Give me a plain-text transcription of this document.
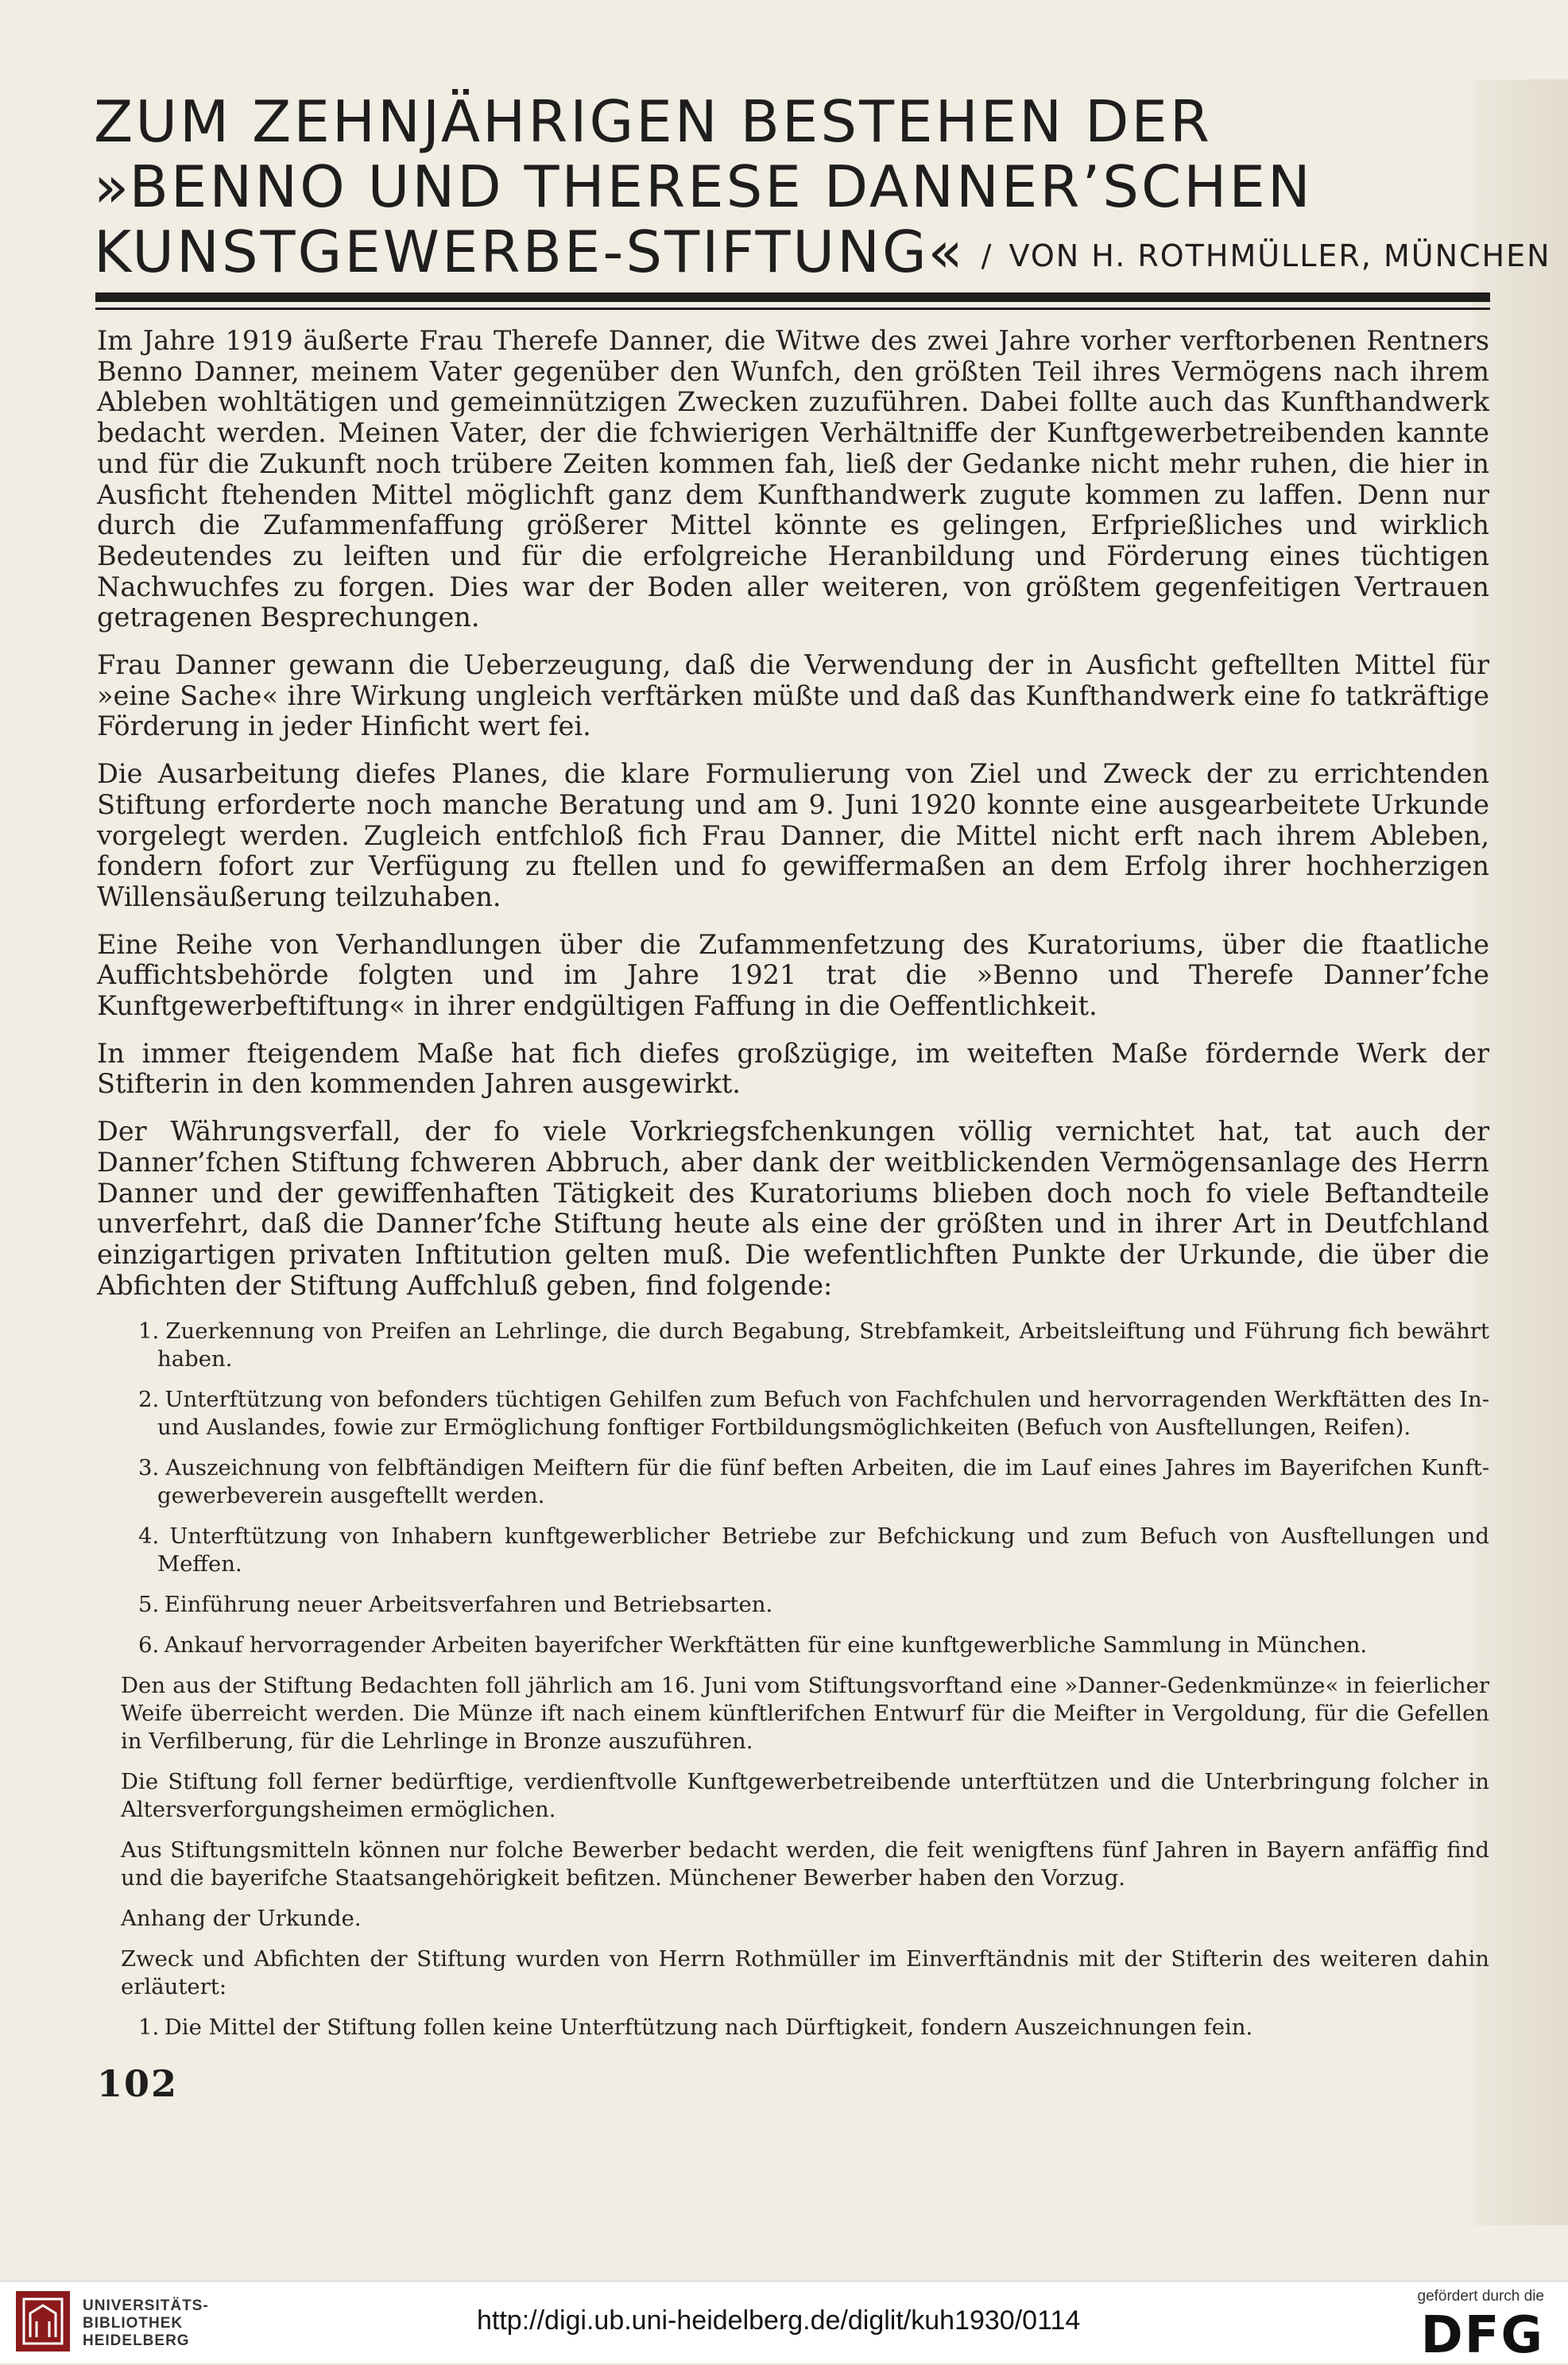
ZUM ZEHNJÄHRIGEN BESTEHEN DER
»BENNO UND THERESE DANNER’SCHEN
KUNSTGEWERBE-STIFTUNG« / VON H. ROTHMÜLLER, MÜNCHEN

Im Jahre 1919 äußerte Frau Therefe Danner, die Witwe des zwei Jahre vorher verftorbenen Rentners Benno Danner, meinem Vater gegenüber den Wunfch, den größten Teil ihres Vermögens nach ihrem Ableben wohltätigen und gemeinnützigen Zwecken zuzuführen. Dabei follte auch das Kunfthandwerk bedacht werden. Meinen Vater, der die fchwierigen Verhältniffe der Kunftgewerbetreibenden kannte und für die Zukunft noch trübere Zeiten kommen fah, ließ der Gedanke nicht mehr ruhen, die hier in Ausficht ftehenden Mittel möglichft ganz dem Kunfthandwerk zugute kommen zu laffen. Denn nur durch die Zufammenfaffung größerer Mittel könnte es gelingen, Erfprießliches und wirklich Bedeutendes zu leiften und für die erfolgreiche Heranbildung und Förderung eines tüchtigen Nachwuchfes zu forgen. Dies war der Boden aller weiteren, von größtem gegenfeitigen Vertrauen getragenen Besprechungen.

Frau Danner gewann die Ueberzeugung, daß die Verwendung der in Ausficht geftellten Mittel für »eine Sache« ihre Wirkung ungleich verftärken müßte und daß das Kunfthandwerk eine fo tatkräftige Förderung in jeder Hinficht wert fei.

Die Ausarbeitung diefes Planes, die klare Formulierung von Ziel und Zweck der zu errichtenden Stiftung erforderte noch manche Beratung und am 9. Juni 1920 konnte eine ausgearbeitete Urkunde vorgelegt werden. Zugleich entfchloß fich Frau Danner, die Mittel nicht erft nach ihrem Ableben, fondern fofort zur Verfügung zu ftellen und fo gewiffermaßen an dem Erfolg ihrer hochherzigen Willensäußerung teilzuhaben.

Eine Reihe von Verhandlungen über die Zufammenfetzung des Kuratoriums, über die ftaatliche Auffichtsbehörde folgten und im Jahre 1921 trat die »Benno und Therefe Danner’fche Kunftgewerbeftiftung« in ihrer endgültigen Faffung in die Oeffentlichkeit.

In immer fteigendem Maße hat fich diefes großzügige, im weiteften Maße fördernde Werk der Stifterin in den kommenden Jahren ausgewirkt.

Der Währungsverfall, der fo viele Vorkriegsfchenkungen völlig vernichtet hat, tat auch der Danner’fchen Stiftung fchweren Abbruch, aber dank der weitblickenden Vermögensanlage des Herrn Danner und der gewiffenhaften Tätigkeit des Kuratoriums blieben doch noch fo viele Beftandteile unverfehrt, daß die Danner’fche Stiftung heute als eine der größten und in ihrer Art in Deutfchland einzigartigen privaten Inftitution gelten muß. Die wefentlichften Punkte der Urkunde, die über die Abfichten der Stiftung Auffchluß geben, find folgende:

1. Zuerkennung von Preifen an Lehrlinge, die durch Begabung, Strebfamkeit, Arbeitsleiftung und Führung fich bewährt haben.
2. Unterftützung von befonders tüchtigen Gehilfen zum Befuch von Fachfchulen und hervorragenden Werkftätten des In- und Auslandes, fowie zur Ermöglichung fonftiger Fortbildungsmöglichkeiten (Befuch von Ausftellungen, Reifen).
3. Auszeichnung von felbftändigen Meiftern für die fünf beften Arbeiten, die im Lauf eines Jahres im Bayerifchen Kunftgewerbeverein ausgeftellt werden.
4. Unterftützung von Inhabern kunftgewerblicher Betriebe zur Befchickung und zum Befuch von Ausftellungen und Meffen.
5. Einführung neuer Arbeitsverfahren und Betriebsarten.
6. Ankauf hervorragender Arbeiten bayerifcher Werkftätten für eine kunftgewerbliche Sammlung in München.

Den aus der Stiftung Bedachten foll jährlich am 16. Juni vom Stiftungsvorftand eine »Danner-Gedenkmünze« in feierlicher Weife überreicht werden. Die Münze ift nach einem künftlerifchen Entwurf für die Meifter in Vergoldung, für die Gefellen in Verfilberung, für die Lehrlinge in Bronze auszuführen.

Die Stiftung foll ferner bedürftige, verdienftvolle Kunftgewerbetreibende unterftützen und die Unterbringung folcher in Altersverforgungsheimen ermöglichen.

Aus Stiftungsmitteln können nur folche Bewerber bedacht werden, die feit wenigftens fünf Jahren in Bayern anfäffig find und die bayerifche Staatsangehörigkeit befitzen. Münchener Bewerber haben den Vorzug.

Anhang der Urkunde.

Zweck und Abfichten der Stiftung wurden von Herrn Rothmüller im Einverftändnis mit der Stifterin des weiteren dahin erläutert:

1. Die Mittel der Stiftung follen keine Unterftützung nach Dürftigkeit, fondern Auszeichnungen fein.
102
UNIVERSITÄTS-
BIBLIOTHEK
HEIDELBERG
http://digi.ub.uni-heidelberg.de/diglit/kuh1930/0114
gefördert durch die
DFG
